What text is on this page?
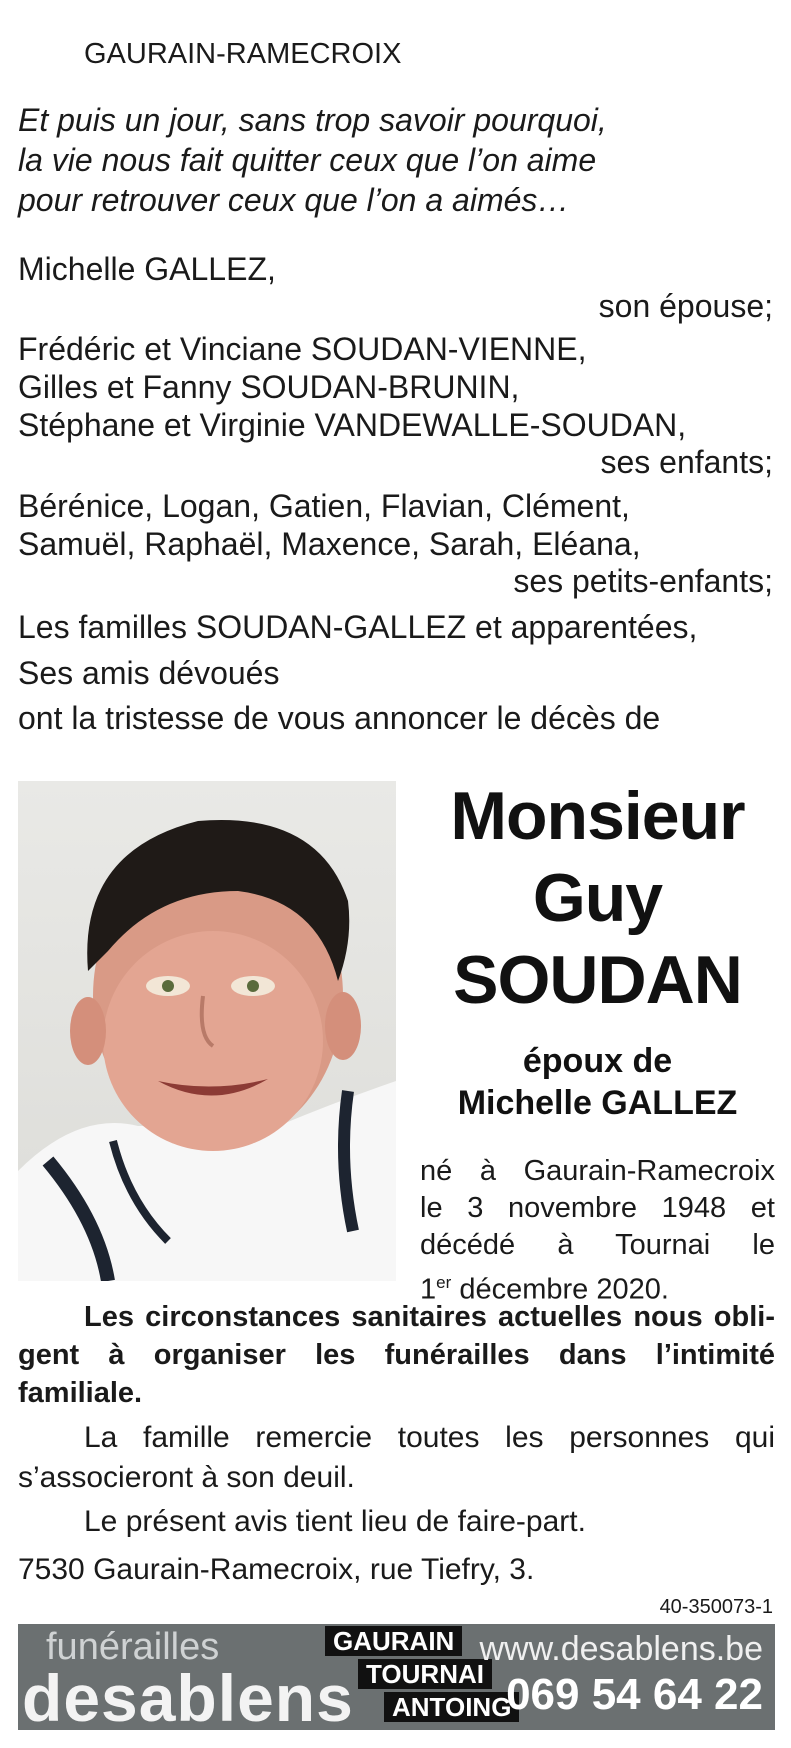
GAURAIN-RAMECROIX
Et puis un jour, sans trop savoir pourquoi,
la vie nous fait quitter ceux que l’on aime
pour retrouver ceux que l’on a aimés…
Michelle GALLEZ,
son épouse;
Frédéric et Vinciane SOUDAN-VIENNE,
Gilles et Fanny SOUDAN-BRUNIN,
Stéphane et Virginie VANDEWALLE-SOUDAN,
ses enfants;
Bérénice, Logan, Gatien, Flavian, Clément,
Samuël, Raphaël, Maxence, Sarah, Eléana,
ses petits-enfants;
Les familles SOUDAN-GALLEZ et apparentées,
Ses amis dévoués
ont la tristesse de vous annoncer le décès de
Monsieur
Guy
SOUDAN
époux de
Michelle GALLEZ
né à Gaurain-Ramecroix
le 3 novembre 1948 et
décédé à Tournai le
1er décembre 2020.
Les circonstances sanitaires actuelles nous obli-
gent à organiser les funérailles dans l’intimité
familiale.
La famille remercie toutes les personnes qui
s’associeront à son deuil.
Le présent avis tient lieu de faire-part.
7530 Gaurain-Ramecroix, rue Tiefry, 3.
40-350073-1
funérailles
desablens
GAURAIN
TOURNAI
ANTOING
www.desablens.be
069 54 64 22
